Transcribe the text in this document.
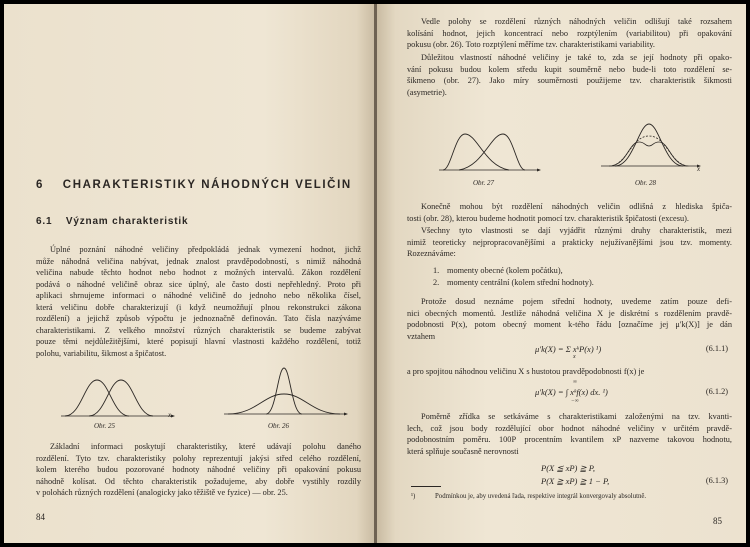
6 CHARAKTERISTIKY NÁHODNÝCH VELIČIN
6.1 Význam charakteristik

Úplné poznání náhodné veličiny předpokládá jednak vymezení hodnot, jichž
může náhodná veličina nabývat, jednak znalost pravděpodobností, s nimiž náhodná
veličina nabude těchto hodnot nebo hodnot z možných intervalů. Zákon rozdělení
podává o náhodné veličině obraz sice úplný, ale často dosti nepřehledný. Proto při
aplikaci shrnujeme informaci o náhodné veličině do jednoho nebo několika čísel,
která veličinu dobře charakterizují (i když neumožňují plnou rekonstrukci zákona
rozdělení) a jejichž způsob výpočtu je jednoznačně definován. Tato čísla nazýváme
charakteristikami. Z velkého množství různých charakteristik se budeme zabývat
pouze těmi nejdůležitějšími, které popisují hlavní vlastnosti každého rozdělení, totiž
polohu, variabilitu, šikmost a špičatost.

Obr. 25
x
Obr. 26

Základní informaci poskytují charakteristiky, které udávají polohu daného
rozdělení. Tyto tzv. charakteristiky polohy reprezentují jakýsi střed celého rozdělení,
kolem kterého budou pozorované hodnoty náhodné veličiny při opakování pokusu
náhodně kolísat. Od těchto charakteristik požadujeme, aby dobře vystihly rozdíly
v polohách různých rozdělení (analogicky jako těžiště ve fyzice) — obr. 25.

84

Vedle polohy se rozdělení různých náhodných veličin odlišují také rozsahem
kolísání hodnot, jejich koncentrací nebo rozptýlením (variabilitou) při opakování
pokusu (obr. 26). Toto rozptýlení měříme tzv. charakteristikami variability.

Důležitou vlastností náhodné veličiny je také to, zda se její hodnoty při opako-
vání pokusu budou kolem středu kupit souměrně nebo bude-li toto rozdělení se-
šikmeno (obr. 27). Jako míry souměrnosti použijeme tzv. charakteristik šikmosti
(asymetrie).

Obr. 27	Obr. 28
x

Konečně mohou být rozdělení náhodných veličin odlišná z hlediska špiča-
tosti (obr. 28), kterou budeme hodnotit pomocí tzv. charakteristik špičatosti (excesu).

Všechny tyto vlastnosti se dají vyjádřit různými druhy charakteristik, mezi
nimiž teoreticky nejpropracovanějšími a prakticky nejužívanějšími jsou tzv. momenty.
Rozeznáváme:

1. momenty obecné (kolem počátku),
2. momenty centrální (kolem střední hodnoty).

Protože dosud neznáme pojem střední hodnoty, uvedeme zatím pouze defi-
nici obecných momentů. Jestliže náhodná veličina X je diskrétní s rozdělením pravdě-
podobnosti P(x), potom obecný moment k-tého řádu [označíme jej μ'k(X)] je dán
vztahem

μ'k(X) = Σ xᵏP(x) ¹)
x
(6.1.1)

a pro spojitou náhodnou veličinu X s hustotou pravděpodobnosti f(x) je

∞
μ'k(X) = ∫ xᵏf(x) dx. ¹)
−∞
(6.1.2)

Poměrně zřídka se setkáváme s charakteristikami založenými na tzv. kvanti-
lech, což jsou body rozdělující obor hodnot náhodné veličiny v určitém pravdě-
podobnostním poměru. 100P procentním kvantilem xP nazveme takovou hodnotu,
která splňuje současně nerovnosti

P(X ≦ xP) ≧ P,
P(X ≧ xP) ≧ 1 − P,	(6.1.3)
¹)	Podmínkou je, aby uvedená řada, respektive integrál konvergovaly absolutně.
85
